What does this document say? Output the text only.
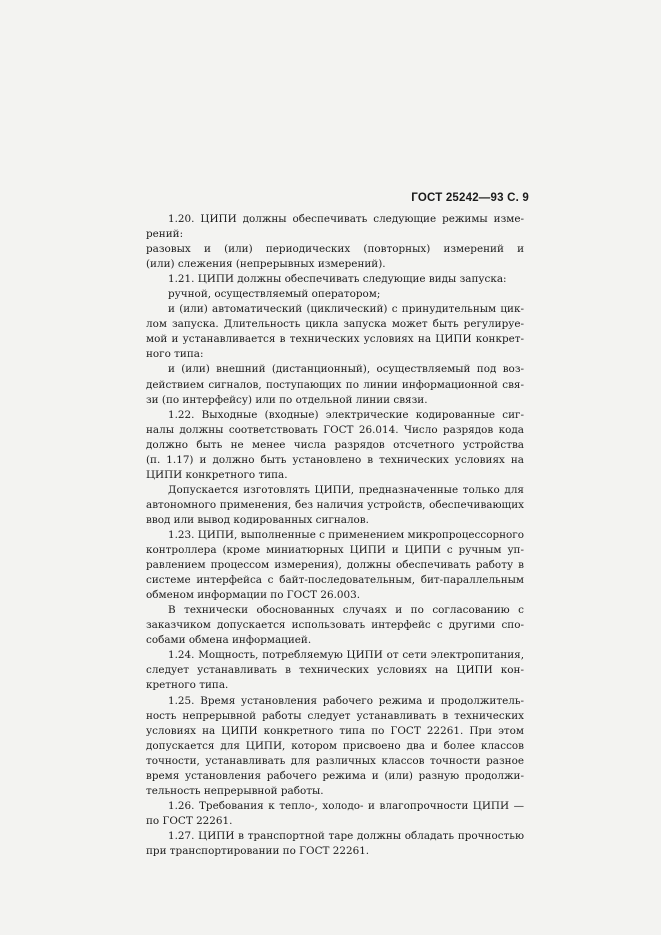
ГОСТ 25242—93 С. 9
1.20. ЦИПИ должны обеспечивать следующие режимы изме-
рений:
разовых и (или) периодических (повторных) измерений и
(или) слежения (непрерывных измерений).
1.21. ЦИПИ должны обеспечивать следующие виды запуска:
ручной, осуществляемый оператором;
и (или) автоматический (циклический) с принудительным цик-
лом запуска. Длительность цикла запуска может быть регулируе-
мой и устанавливается в технических условиях на ЦИПИ конкрет-
ного типа:
и (или) внешний (дистанционный), осуществляемый под воз-
действием сигналов, поступающих по линии информационной свя-
зи (по интерфейсу) или по отдельной линии связи.
1.22. Выходные (входные) электрические кодированные сиг-
налы должны соответствовать ГОСТ 26.014. Число разрядов кода
должно быть не менее числа разрядов отсчетного устройства
(п. 1.17) и должно быть установлено в технических условиях на
ЦИПИ конкретного типа.
Допускается изготовлять ЦИПИ, предназначенные только для
автономного применения, без наличия устройств, обеспечивающих
ввод или вывод кодированных сигналов.
1.23. ЦИПИ, выполненные с применением микропроцессорного
контроллера (кроме миниатюрных ЦИПИ и ЦИПИ с ручным уп-
равлением процессом измерения), должны обеспечивать работу в
системе интерфейса с байт-последовательным, бит-параллельным
обменом информации по ГОСТ 26.003.
В технически обоснованных случаях и по согласованию с
заказчиком допускается использовать интерфейс с другими спо-
собами обмена информацией.
1.24. Мощность, потребляемую ЦИПИ от сети электропитания,
следует устанавливать в технических условиях на ЦИПИ кон-
кретного типа.
1.25. Время установления рабочего режима и продолжитель-
ность непрерывной работы следует устанавливать в технических
условиях на ЦИПИ конкретного типа по ГОСТ 22261. При этом
допускается для ЦИПИ, котором присвоено два и более классов
точности, устанавливать для различных классов точности разное
время установления рабочего режима и (или) разную продолжи-
тельность непрерывной работы.
1.26. Требования к тепло-, холодо- и влагопрочности ЦИПИ —
по ГОСТ 22261.
1.27. ЦИПИ в транспортной таре должны обладать прочностью
при транспортировании по ГОСТ 22261.
